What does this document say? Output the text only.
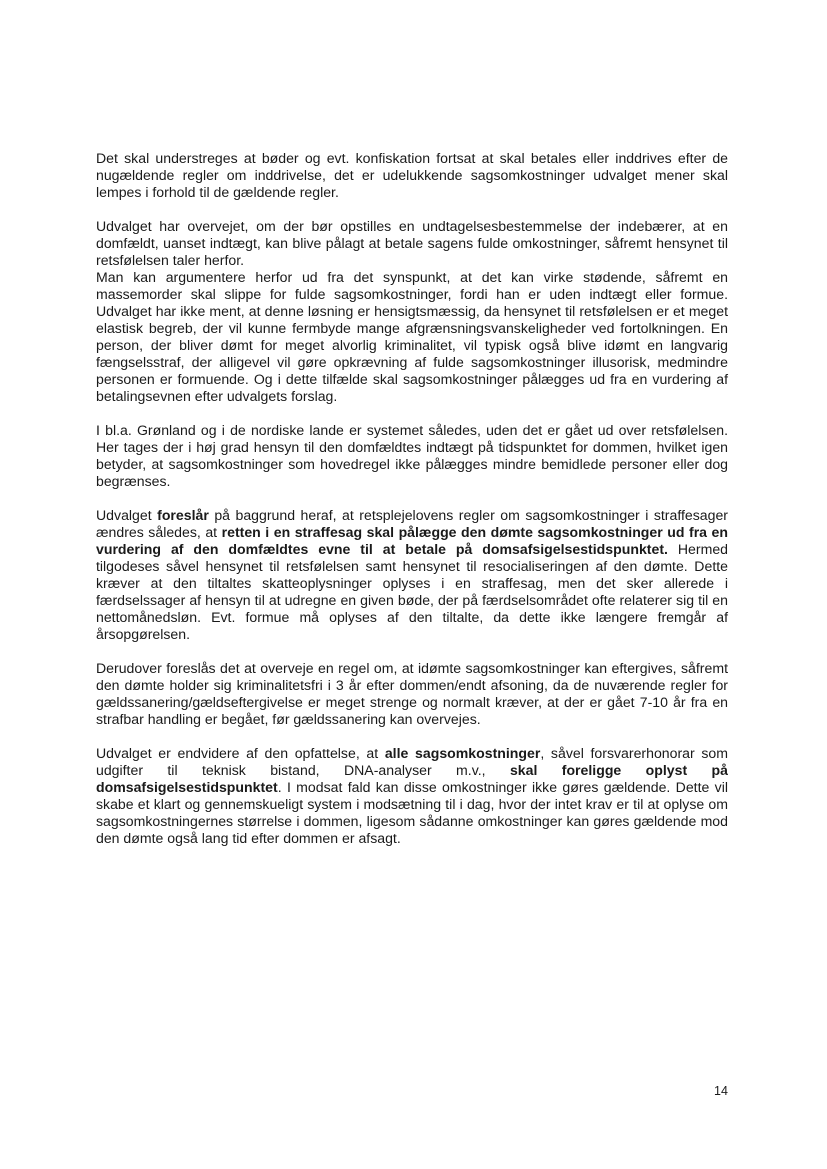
Det skal understreges at bøder og evt. konfiskation fortsat at skal betales eller inddrives efter de nugældende regler om inddrivelse, det er udelukkende sagsomkostninger udvalget mener skal lempes i forhold til de gældende regler.

Udvalget har overvejet, om der bør opstilles en undtagelsesbestemmelse der indebærer, at en domfældt, uanset indtægt, kan blive pålagt at betale sagens fulde omkostninger, såfremt hensynet til retsfølelsen taler herfor.

Man kan argumentere herfor ud fra det synspunkt, at det kan virke stødende, såfremt en massemorder skal slippe for fulde sagsomkostninger, fordi han er uden indtægt eller formue. Udvalget har ikke ment, at denne løsning er hensigtsmæssig, da hensynet til retsfølelsen er et meget elastisk begreb, der vil kunne fermbyde mange afgrænsningsvanskeligheder ved fortolkningen. En person, der bliver dømt for meget alvorlig kriminalitet, vil typisk også blive idømt en langvarig fængselsstraf, der alligevel vil gøre opkrævning af fulde sagsomkostninger illusorisk, medmindre personen er formuende. Og i dette tilfælde skal sagsomkostninger pålægges ud fra en vurdering af betalingsevnen efter udvalgets forslag.

I bl.a. Grønland og i de nordiske lande er systemet således, uden det er gået ud over retsfølelsen. Her tages der i høj grad hensyn til den domfældtes indtægt på tidspunktet for dommen, hvilket igen betyder, at sagsomkostninger som hovedregel ikke pålægges mindre bemidlede personer eller dog begrænses.

Udvalget foreslår på baggrund heraf, at retsplejelovens regler om sagsomkostninger i straffesager ændres således, at retten i en straffesag skal pålægge den dømte sagsomkostninger ud fra en vurdering af den domfældtes evne til at betale på domsafsigelsestidspunktet. Hermed tilgodeses såvel hensynet til retsfølelsen samt hensynet til resocialiseringen af den dømte. Dette kræver at den tiltaltes skatteoplysninger oplyses i en straffesag, men det sker allerede i færdselssager af hensyn til at udregne en given bøde, der på færdselsområdet ofte relaterer sig til en nettomånedsløn. Evt. formue må oplyses af den tiltalte, da dette ikke længere fremgår af årsopgørelsen.

Derudover foreslås det at overveje en regel om, at idømte sagsomkostninger kan eftergives, såfremt den dømte holder sig kriminalitetsfri i 3 år efter dommen/endt afsoning, da de nuværende regler for gældssanering/gældseftergivelse er meget strenge og normalt kræver, at der er gået 7-10 år fra en strafbar handling er begået, før gældssanering kan overvejes.

Udvalget er endvidere af den opfattelse, at alle sagsomkostninger, såvel forsvarerhonorar som udgifter til teknisk bistand, DNA-analyser m.v., skal foreligge oplyst på domsafsigelsestidspunktet. I modsat fald kan disse omkostninger ikke gøres gældende. Dette vil skabe et klart og gennemskueligt system i modsætning til i dag, hvor der intet krav er til at oplyse om sagsomkostningernes størrelse i dommen, ligesom sådanne omkostninger kan gøres gældende mod den dømte også lang tid efter dommen er afsagt.

14
